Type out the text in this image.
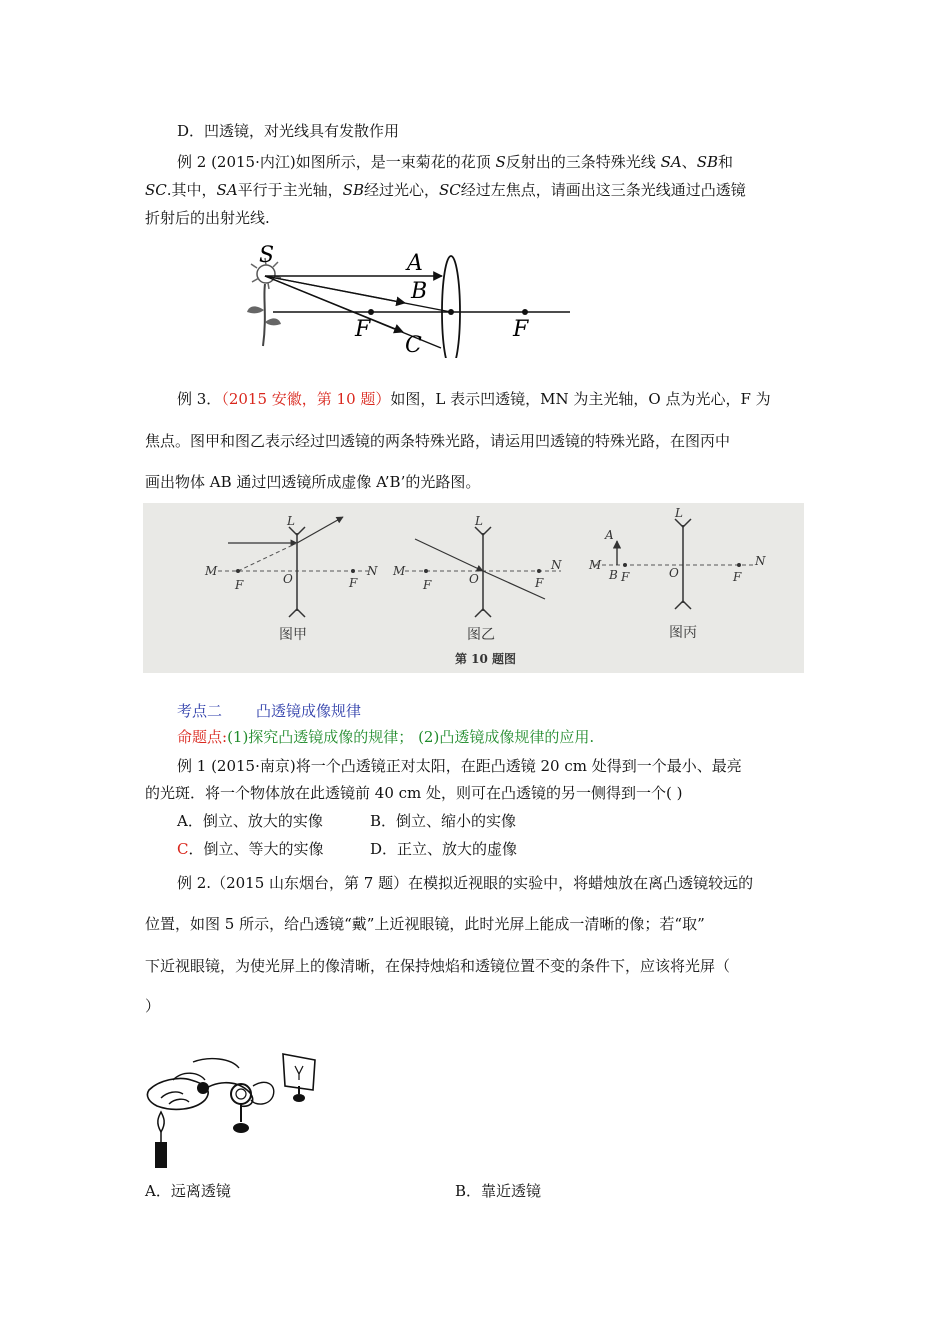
D．凹透镜，对光线具有发散作用
例 2 (2015·内江)如图所示，是一束菊花的花顶 S反射出的三条特殊光线 SA、SB和
SC.其中，SA平行于主光轴，SB经过光心，SC经过左焦点，请画出这三条光线通过凸透镜
折射后的出射光线.
S	A
B
C
F	F
例 3．（2015 安徽，第 10 题）如图，L 表示凹透镜，MN 为主光轴，O 点为光心，F 为
焦点。图甲和图乙表示经过凹透镜的两条特殊光路，请运用凹透镜的特殊光路，在图丙中
画出物体 AB 通过凹透镜所成虚像 A’B’的光路图。
M
F	O	F
N
L
图甲
M
F	O	F
N
L
图乙
A
M
B F	O	F
N
L
图丙
第 10 题图
考点二 凸透镜成像规律
命题点:(1)探究凸透镜成像的规律； (2)凸透镜成像规律的应用.
例 1 (2015·南京)将一个凸透镜正对太阳，在距凸透镜 20 cm 处得到一个最小、最亮
的光斑．将一个物体放在此透镜前 40 cm 处，则可在凸透镜的另一侧得到一个( )
A．倒立、放大的实像	B．倒立、缩小的实像
C．倒立、等大的实像	D．正立、放大的虚像
例 2.（2015 山东烟台，第 7 题）在模拟近视眼的实验中，将蜡烛放在离凸透镜较远的
位置，如图 5 所示，给凸透镜“戴”上近视眼镜，此时光屏上能成一清晰的像；若“取”
下近视眼镜，为使光屏上的像清晰，在保持烛焰和透镜位置不变的条件下，应该将光屏（
）
A．远离透镜	B．靠近透镜
